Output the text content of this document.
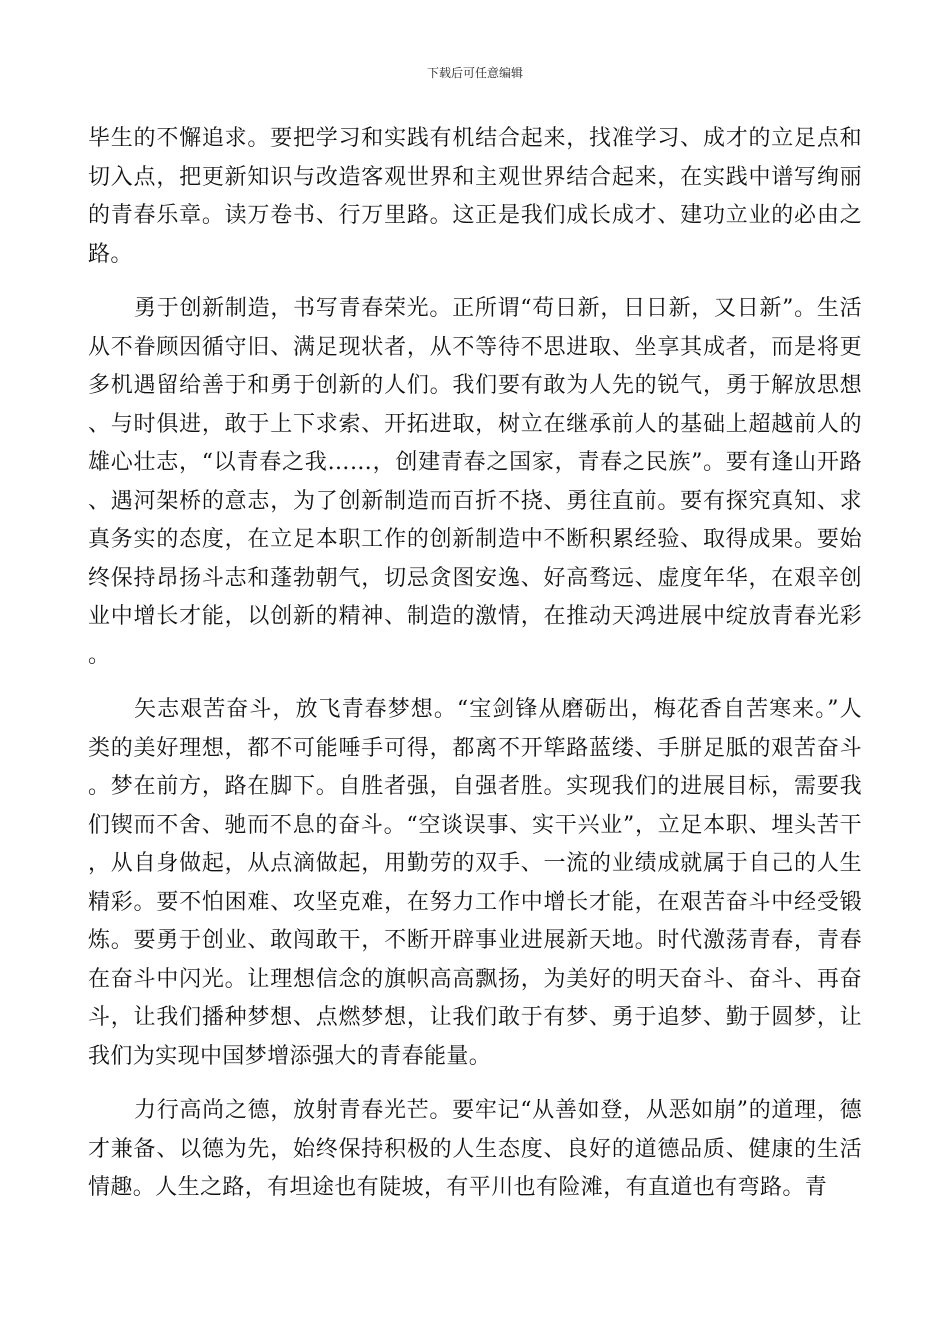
下载后可任意编辑

毕生的不懈追求。要把学习和实践有机结合起来，找准学习、成才的立足点和切入点，把更新知识与改造客观世界和主观世界结合起来，在实践中谱写绚丽的青春乐章。读万卷书、行万里路。这正是我们成长成才、建功立业的必由之路。

勇于创新制造，书写青春荣光。正所谓“苟日新，日日新，又日新”。生活从不眷顾因循守旧、满足现状者，从不等待不思进取、坐享其成者，而是将更多机遇留给善于和勇于创新的人们。我们要有敢为人先的锐气，勇于解放思想、与时俱进，敢于上下求索、开拓进取，树立在继承前人的基础上超越前人的雄心壮志，“以青春之我……，创建青春之国家，青春之民族”。要有逢山开路、遇河架桥的意志，为了创新制造而百折不挠、勇往直前。要有探究真知、求真务实的态度，在立足本职工作的创新制造中不断积累经验、取得成果。要始终保持昂扬斗志和蓬勃朝气，切忌贪图安逸、好高骛远、虚度年华，在艰辛创业中增长才能，以创新的精神、制造的激情，在推动天鸿进展中绽放青春光彩。

矢志艰苦奋斗，放飞青春梦想。“宝剑锋从磨砺出，梅花香自苦寒来。”人类的美好理想，都不可能唾手可得，都离不开筚路蓝缕、手胼足胝的艰苦奋斗。梦在前方，路在脚下。自胜者强，自强者胜。实现我们的进展目标，需要我们锲而不舍、驰而不息的奋斗。“空谈误事、实干兴业”，立足本职、埋头苦干，从自身做起，从点滴做起，用勤劳的双手、一流的业绩成就属于自己的人生精彩。要不怕困难、攻坚克难，在努力工作中增长才能，在艰苦奋斗中经受锻炼。要勇于创业、敢闯敢干，不断开辟事业进展新天地。时代激荡青春，青春在奋斗中闪光。让理想信念的旗帜高高飘扬，为美好的明天奋斗、奋斗、再奋斗，让我们播种梦想、点燃梦想，让我们敢于有梦、勇于追梦、勤于圆梦，让我们为实现中国梦增添强大的青春能量。

力行高尚之德，放射青春光芒。要牢记“从善如登，从恶如崩”的道理，德才兼备、以德为先，始终保持积极的人生态度、良好的道德品质、健康的生活情趣。人生之路，有坦途也有陡坡，有平川也有险滩，有直道也有弯路。青
